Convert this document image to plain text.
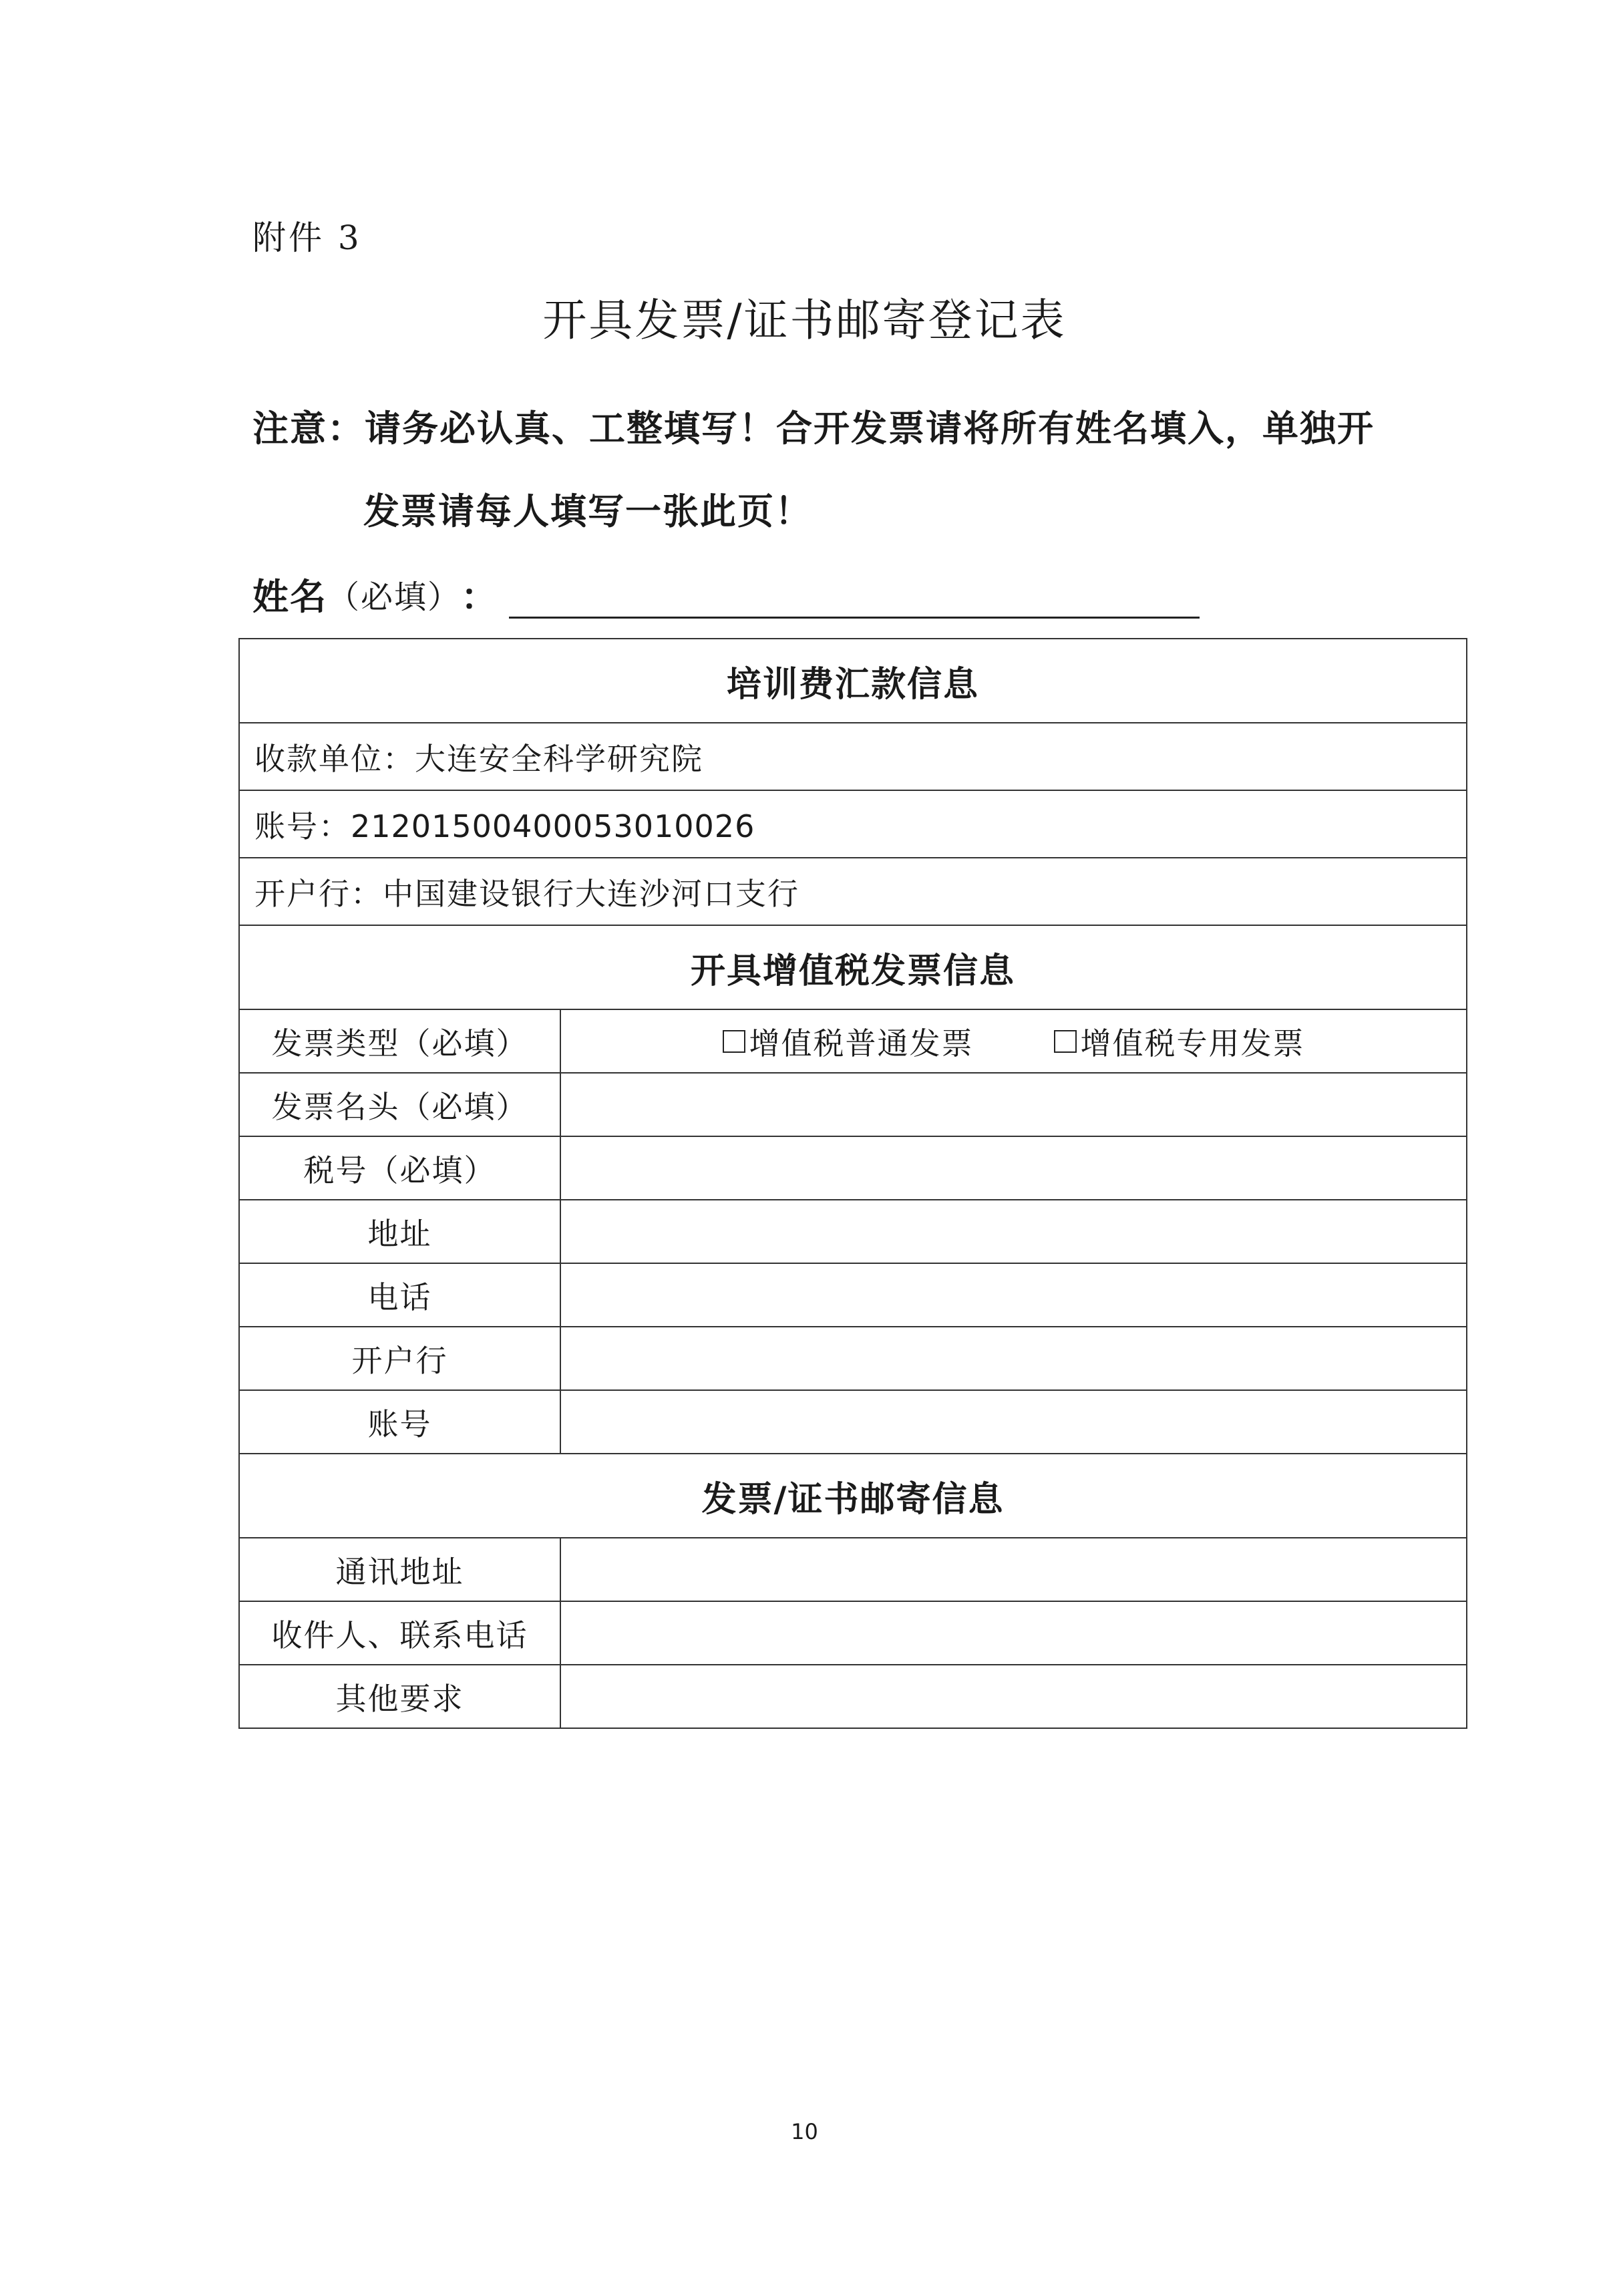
附件 3
开具发票/证书邮寄登记表
注意：请务必认真、工整填写！合开发票请将所有姓名填入，单独开
发票请每人填写一张此页！
姓名 （必填） ：
培训费汇款信息	
收款单位：大连安全科学研究院	
账号：21201500400053010026	
开户行：中国建设银行大连沙河口支行	
开具增值税发票信息	
发票类型（必填）	增值税普通发票 增值税专用发票

发票名头（必填）	
税号（必填）	
地址	
电话	
开户行	
账号	
发票/证书邮寄信息	
通讯地址	
收件人、联系电话	
其他要求	
10
